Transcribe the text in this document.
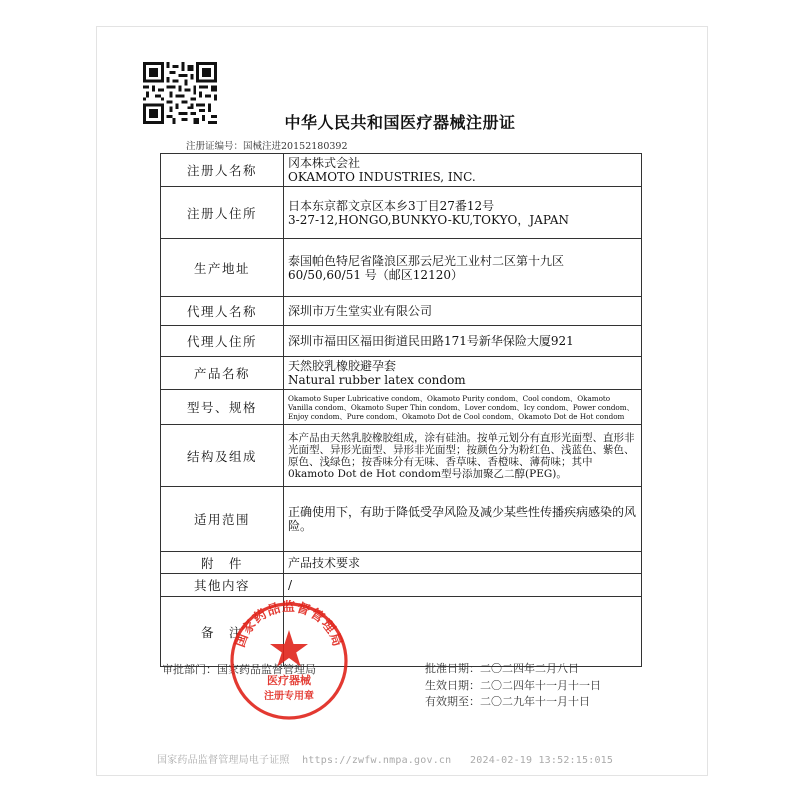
中华人民共和国医疗器械注册证
注册证编号：国械注进20152180392
注册人名称	冈本株式会社
OKAMOTO INDUSTRIES, INC.

注册人住所	日本东京都文京区本乡3丁目27番12号
3-27-12,HONGO,BUNKYO-KU,TOKYO，JAPAN

生产地址	泰国帕色特尼省隆浪区那云尼光工业村二区第十九区
60/50,60/51 号（邮区12120）

代理人名称	深圳市万生堂实业有限公司

代理人住所	深圳市福田区福田街道民田路171号新华保险大厦921

产品名称	天然胶乳橡胶避孕套
Natural rubber latex condom

型号、规格	Okamoto Super Lubricative condom、Okamoto Purity condom、Cool condom、Okamoto Vanilla condom、Okamoto Super Thin condom、Lover condom、Icy condom、Power condom、Enjoy condom、Pure condom、Okamoto Dot de Cool condom、Okamoto Dot de Hot condom

结构及组成	本产品由天然乳胶橡胶组成，涂有硅油。按单元划分有直形光面型、直形非光面型、异形光面型、异形非光面型；按颜色分为粉红色、浅蓝色、紫色、原色、浅绿色；按香味分有无味、香草味、香橙味、薄荷味；其中0kamoto Dot de Hot condom型号添加聚乙二醇(PEG)。

适用范围	正确使用下，有助于降低受孕风险及减少某些性传播疾病感染的风险。

附　件	产品技术要求

其他内容	/

备　注	
审批部门：国家药品监督管理局	批准日期：二〇二四年二月八日
生效日期：二〇二四年十一月十一日
有效期至：二〇二九年十一月十日
国家药品监督管理局
医疗器械
注册专用章
国家药品监督管理局电子证照 https://zwfw.nmpa.gov.cn 2024-02-19 13:52:15:015
